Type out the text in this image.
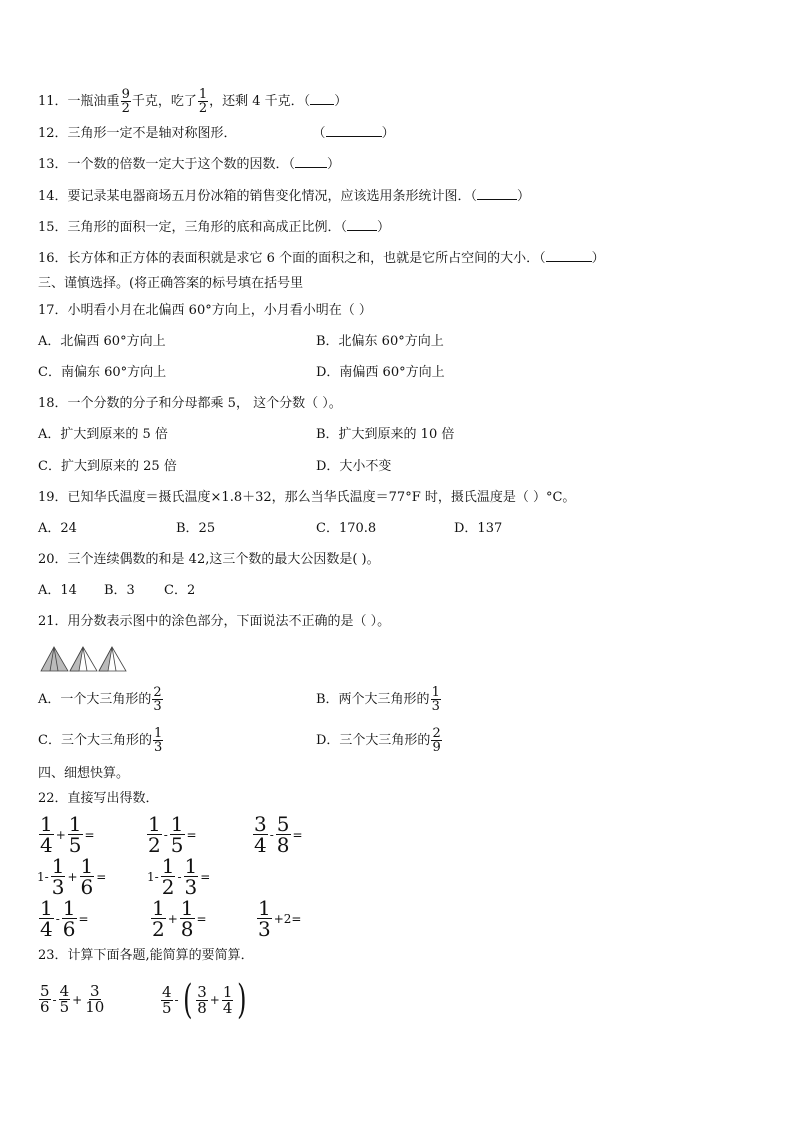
11．一瓶油重 $\frac{9}{2}$ 千克，吃了 $\frac{1}{2}$ ，还剩 4 千克．（ ）
12．三角形一定不是轴对称图形．	（	）
13．一个数的倍数一定大于这个数的因数．（ ）
14．要记录某电器商场五月份冰箱的销售变化情况，应该选用条形统计图．（	）
15．三角形的面积一定，三角形的底和高成正比例．（ ）
16．长方体和正方体的表面积就是求它 6 个面的面积之和，也就是它所占空间的大小．（	）
三、谨慎选择。(将正确答案的标号填在括号里
17．小明看小月在北偏西 60°方向上，小月看小明在（ ）
A．北偏西 60°方向上	B．北偏东 60°方向上
C．南偏东 60°方向上	D．南偏西 60°方向上
18．一个分数的分子和分母都乘 5， 这个分数（ ）。
A．扩大到原来的 5 倍	B．扩大到原来的 10 倍
C．扩大到原来的 25 倍	D．大小不变
19．已知华氏温度＝摄氏温度×1.8＋32，那么当华氏温度＝77°F 时，摄氏温度是（ ）°C。
A．24	B．25	C．170.8	D．137
20．三个连续偶数的和是 42,这三个数的最大公因数是( )。
A．14 B．3 C．2
21．用分数表示图中的涂色部分，下面说法不正确的是（ ）。
A．一个大三角形的 $\frac{2}{3}$	B．两个大三角形的 $\frac{1}{3}$
C．三个大三角形的 $\frac{1}{3}$	D．三个大三角形的 $\frac{2}{9}$
四、细想快算。
22．直接写出得数．
$\frac{1}{4} + \frac{1}{5}$ =	$\frac{1}{2} - \frac{1}{5}$ =	$\frac{3}{4} - \frac{5}{8}$ =
$1- \frac{1}{3} + \frac{1}{6}$ =	$1- \frac{1}{2} - \frac{1}{3}$ =
$\frac{1}{4} - \frac{1}{6}$ =	$\frac{1}{2} + \frac{1}{8}$ =	$\frac{1}{3} +2=$
23．计算下面各题,能简算的要简算．
$\frac{5}{6} - \frac{4}{5} + \frac{3}{10}$	$\frac{4}{5}$ - ( $\frac{3}{8} + \frac{1}{4}$ )
